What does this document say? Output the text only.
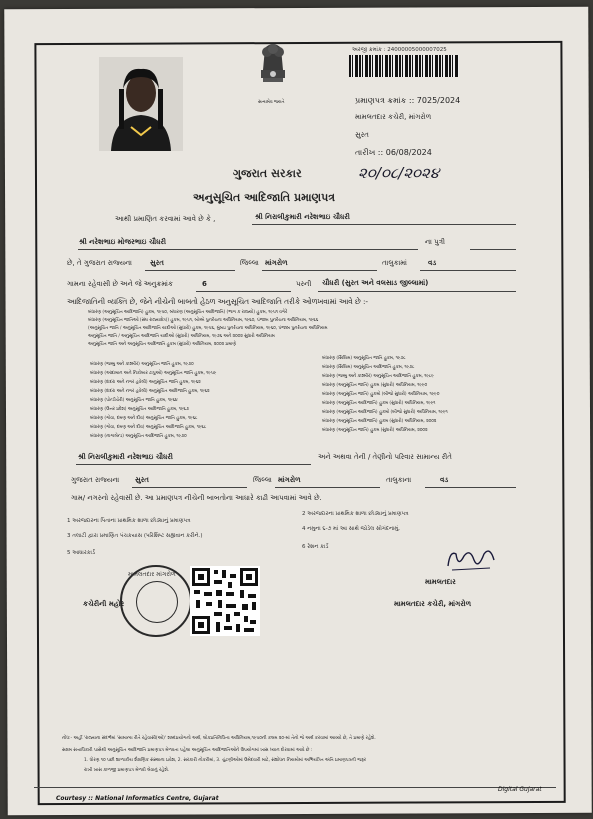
સત્યમેવ જયતે
અરજી ક્રમાંક : 24000005000007025
પ્રમાણપત્ર ક્રમાંક :: 7025/2024
મામલતદાર કચેરી, માંગરોળ
સુરત
તારીખ :: 06/08/2024
૨૦/૦૮/૨૦૨૪
ગુજરાત સરકાર
અનુસૂચિત આદિજાતિ પ્રમાણપત્ર
આથી પ્રમાણિત કરવામાં આવે છે કે ,	શ્રી નિરાલીકુમારી નરેશભાઇ ચૌધરી
શ્રી નરેશભાઇ મોજરભાઇ ચૌધરી	ના પુત્રી
છે, તે ગુજરાત રાજ્યના	સુરત	જિલ્લા માંગરોળ	તાલુકામાં	વડ
ગામના રહેવાસી છે અને જે અનુક્રમાંક	6	પરની ચૌધરી (સુરત અને વલસાડ જીલ્લામાં)
આદિજાતિની વ્યક્તિ છે, જેને નીચેની બાબતો હેઠળ અનુસૂચિત આદિજાતિ તરીકે ઓળખવામાં આવે છે :-
બંધારણ (અનુસૂચિત આદિજાતિ) હુકમ, ૧૯૫૦, બંધારણ (અનુસૂચિત આદિજાતિ) (ભાગ ક રાજ્યો) હુકમ, ૧૯૫૧ વગેરે
બંધારણ (અનુસૂચિત જાતિઓ (સંઘ રાજ્યક્ષેત્ર)) હુકમ, ૧૯૫૧, બોમ્બે પુનર્રચના અધિનિયમ, ૧૯૬૦, પંજાબ પુનર્રચના અધિનિયમ, ૧૯૬૬
(અનુસૂચિત જાતિ / અનુસૂચિત આદિજાતિ યાદીઓ (સુધારો) હુકમ, ૧૯૫૬, મુંબઇ પુનર્રચના અધિનિયમ, ૧૯૬૦, પંજાબ પુનર્રચના અધિનિયમ
અનુસૂચિત જાતિ / અનુસૂચિત આદિજાતિ યાદીઓ (સુધારો) અધિનિયમ, ૧૯૭૬ અને ૨૦૦૨ સુધારો અધિનિયમ
અનુસૂચિત જાતિ અને અનુસૂચિત આદિજાતિ હુકમ (સુધારો) અધિનિયમ, ૨૦૦૨ પ્રમાણે
બંધારણ (જમ્મુ અને કાશ્મીર) અનુસૂચિત જાતિ હુકમ, ૧૯૭૦
બંધારણ (આંદામાન અને નિકોબાર ટાપુઓ) અનુસૂચિત જાતિ હુકમ, ૧૯૫૯
બંધારણ (દાદરા અને નગર હવેલી) અનુસૂચિત જાતિ હુકમ, ૧૯૬૨
બંધારણ (દાદરા અને નગર હવેલી) અનુસૂચિત આદિજાતિ હુકમ, ૧૯૬૨
બંધારણ (પોન્ડીચેરી) અનુસૂચિત જાતિ હુકમ, ૧૯૬૪
બંધારણ (ઉત્તર પ્રદેશ) અનુસૂચિત આદિજાતિ હુકમ, ૧૯૬૭
બંધારણ (ગોવા, દમણ અને દીવ) અનુસૂચિત જાતિ હુકમ, ૧૯૬૮
બંધારણ (ગોવા, દમણ અને દીવ) અનુસૂચિત આદિજાતિ હુકમ, ૧૯૬૮
બંધારણ (નાગાલેન્ડ) અનુસૂચિત આદિજાતિ હુકમ, ૧૯૭૦
બંધારણ (સિક્કિમ) અનુસૂચિત જાતિ હુકમ, ૧૯૭૮
બંધારણ (સિક્કિમ) અનુસૂચિત આદિજાતિ હુકમ, ૧૯૭૮
બંધારણ (જમ્મુ અને કાશ્મીર) અનુસૂચિત આદિજાતિ હુકમ, ૧૯૮૯
બંધારણ (અનુસૂચિત જાતિ) હુકમ (સુધારો) અધિનિયમ, ૧૯૯૦
બંધારણ (અનુસૂચિત જાતિ) હુકમો (બીજો સુધારો) અધિનિયમ, ૧૯૯૦
બંધારણ (અનુસૂચિત આદિજાતિ) હુકમ (સુધારો) અધિનિયમ, ૧૯૯૧
બંધારણ (અનુસૂચિત આદિજાતિ) હુકમો (બીજો સુધારો) અધિનિયમ, ૧૯૯૧
બંધારણ (અનુસૂચિત આદિજાતિ) હુકમ (સુધારો) અધિનિયમ, ૨૦૦૨
બંધારણ (અનુસૂચિત જાતિ) હુકમ (સુધારો) અધિનિયમ, ૨૦૦૨
શ્રી નિરાલીકુમારી નરેશભાઇ ચૌધરી	અને અથવા તેની / તેણીનો પરિવાર સામાન્ય રીતે
ગુજરાત રાજ્યના સુરત	જિલ્લા માંગરોળ	તાલુકાના	વડ
ગામ/ નગરનો રહેવાસી છે. આ પ્રમાણપત્ર નીચેની બાબતોના આધારે કાઢી આપવામાં આવે છે.
1 અરજદારના પિતાના પ્રાથમિક શાળા છોડ્યાનું પ્રમાણપત્ર
2 અરજદારના પ્રાથમિક શાળા છોડ્યાનું પ્રમાણપત્ર
3 તલાટી દ્વારા પ્રમાણિત પંચકયાસ (પરિશિષ્ટ સહ્યવાન કરીને.)
4 નમુના ૬-૭ માં આ સાથે જોડેલ સોગંદનામું.
5 આધારકાર્ડ
6 રેશન કાર્ડ
મામલતદાર માંગરોળ
કચેરીની મહોર
મામલતદાર
મામલતદાર કચેરી, માંગરોળ
નોંધ:- અહીં 'રાજ્યના સંદર્ભમાં 'સામાન્ય રીતે રહેવાસી(ઓ)' શબ્દપ્રયોગનો અર્થ, લોકપ્રતિનિધિત્વ અધિનિયમ,૧૯૫૦ની કલમ ૨૦-માં તેનો જે અર્થ કરવામાં આવ્યો છે, તે પ્રમાણે રહેશે.
સક્ષમ સત્તાધિકારી પાસેથી અનુસૂચિત આદિજાતિ પ્રમાણપત્ર મેળવતા પહેલા અનુસૂચિત આદિજાતિઓને ઉપયોગમાં ખાસ ધ્યાન દોરવામાં આવે છે :
1. ધોરણ ૧૦ પછી શાળાકીય શૈક્ષણિક સંસ્થાના પ્રવેશ, 2. સરકારી નોકરીમાં, 3. ચુંટણીઓમાં ઉમેદવારી માટે, સંશોધન નિયમોમાં અભિયંત્રિત અંતિ પ્રમાણપત્રની જરૂર
રાખી ખાસ કાળજી પ્રમાણપત્ર મેળવી લેવાનું રહેશે.
Courtesy :: National Informatics Centre, Gujarat
Digital Gujarat
